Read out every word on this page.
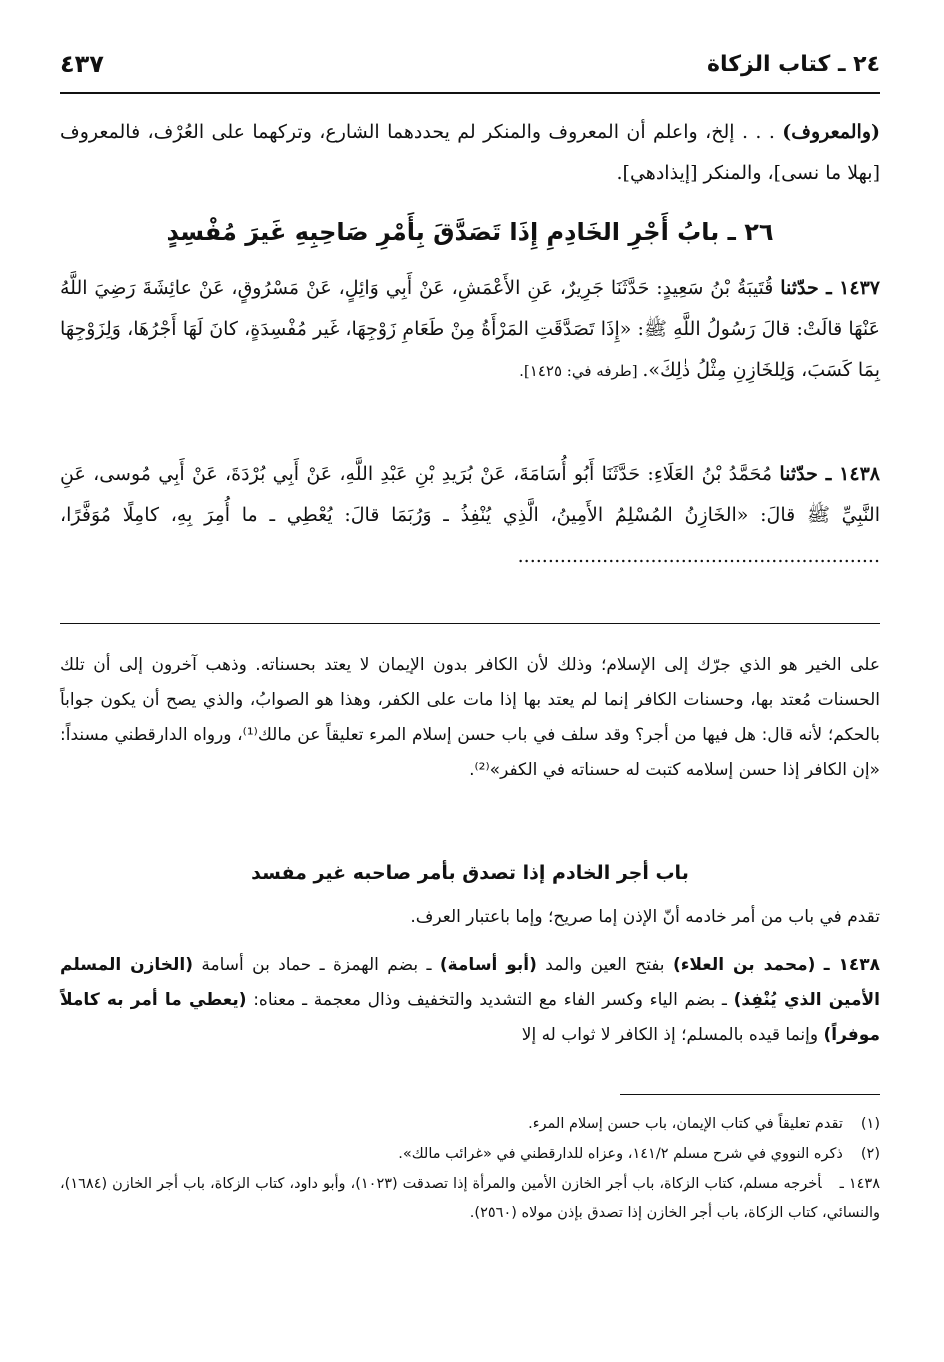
٢٤ ـ كتاب الزكاة
٤٣٧
(والمعروف) . . . إلخ، واعلم أن المعروف والمنكر لم يحددهما الشارع، وتركهما على العُرْف، فالمعروف [بهلا ما نسى]، والمنكر [إيذادهي].
٢٦ ـ بابُ أَجْرِ الخَادِمِ إِذَا تَصَدَّقَ بِأَمْرِ صَاحِبِهِ غَيرَ مُفْسِدٍ
١٤٣٧ ـ حدّثنا قُتَيبَةُ بْنُ سَعِيدٍ: حَدَّثَنَا جَرِيرٌ، عَنِ الأَعْمَشِ، عَنْ أَبِي وَائِلٍ، عَنْ مَسْرُوقٍ، عَنْ عائِشَةَ رَضِيَ اللَّهُ عَنْهَا قالَتْ: قالَ رَسُولُ اللَّهِ ﷺ: «إِذَا تَصَدَّقَتِ المَرْأَةُ مِنْ طَعَامِ زَوْجِهَا، غَير مُفْسِدَةٍ، كانَ لَهَا أَجْرُهَا، وَلِزَوْجِهَا بِمَا كَسَبَ، وَلِلخَازِنِ مِثْلُ ذٰلِكَ». [طرفه في: ١٤٢٥].
١٤٣٨ ـ حدّثنا مُحَمَّدُ بْنُ العَلَاءِ: حَدَّثَنَا أَبُو أُسَامَةَ، عَنْ بُرَيدِ بْنِ عَبْدِ اللَّهِ، عَنْ أَبِي بُرْدَةَ، عَنْ أَبِي مُوسى، عَنِ النَّبِيِّ ﷺ قالَ: «الخَازِنُ المُسْلِمُ الأَمِينُ، الَّذِي يُنْفِذُ ـ وَرُبَمَا قالَ: يُعْطِي ـ ما أُمِرَ بِهِ، كامِلًا مُوَفَّرًا، ............................................................
على الخير هو الذي جرّك إلى الإسلام؛ وذلك لأن الكافر بدون الإيمان لا يعتد بحسناته. وذهب آخرون إلى أن تلك الحسنات مُعتد بها، وحسنات الكافر إنما لم يعتد بها إذا مات على الكفر، وهذا هو الصوابُ، والذي يصح أن يكون جواباً بالحكم؛ لأنه قال: هل فيها من أجر؟ وقد سلف في باب حسن إسلام المرء تعليقاً عن مالك⁽¹⁾، ورواه الدارقطني مسنداً: «إن الكافر إذا حسن إسلامه كتبت له حسناته في الكفر»⁽²⁾.
باب أجر الخادم إذا تصدق بأمر صاحبه غير مفسد
تقدم في باب من أمر خادمه أنّ الإذن إما صريح؛ وإما باعتبار العرف.
١٤٣٨ ـ (محمد بن العلاء) بفتح العين والمد (أبو أسامة) ـ بضم الهمزة ـ حماد بن أسامة (الخازن المسلم الأمين الذي يُنْفِذ) ـ بضم الياء وكسر الفاء مع التشديد والتخفيف وذال معجمة ـ معناه: (يعطي ما أمر به كاملاً موفراً) وإنما قيده بالمسلم؛ إذ الكافر لا ثواب له إلا
(١)تقدم تعليقاً في كتاب الإيمان، باب حسن إسلام المرء.
(٢)ذكره النووي في شرح مسلم ١٤١/٢، وعزاه للدارقطني في «غرائب مالك».
١٤٣٨ ـأخرجه مسلم، كتاب الزكاة، باب أجر الخازن الأمين والمرأة إذا تصدقت (١٠٢٣)، وأبو داود، كتاب الزكاة، باب أجر الخازن (١٦٨٤)، والنسائي، كتاب الزكاة، باب أجر الخازن إذا تصدق بإذن مولاه (٢٥٦٠).
